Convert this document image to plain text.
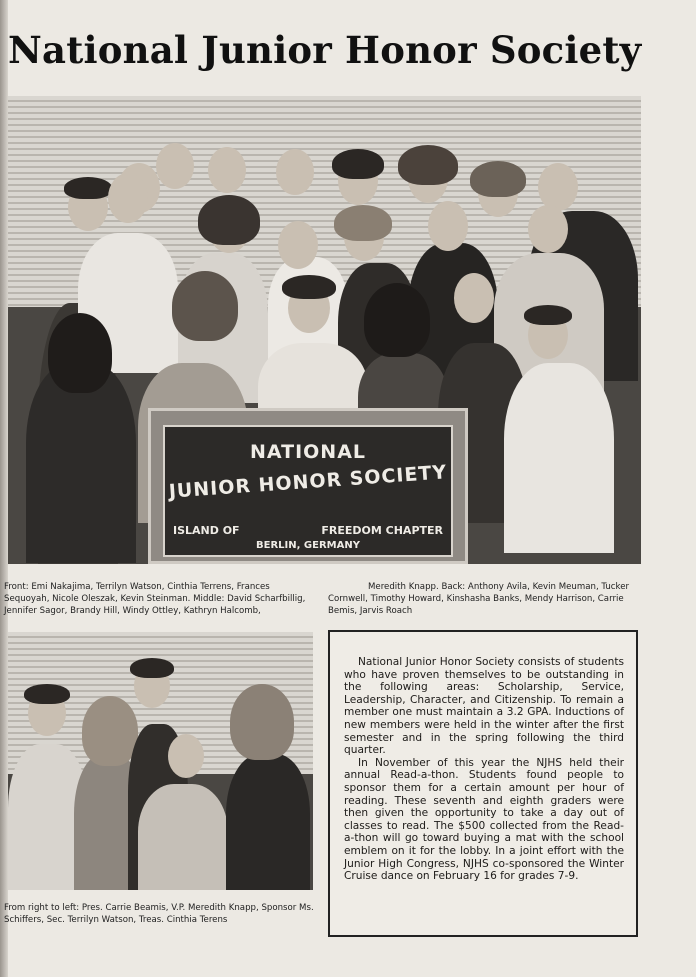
National Junior Honor Society
NATIONAL
JUNIOR HONOR SOCIETY
ISLAND OF	FREEDOM CHAPTER
BERLIN, GERMANY
Front: Emi Nakajima, Terrilyn Watson, Cinthia Terrens, Frances Sequoyah, Nicole Oleszak, Kevin Steinman. Middle: David Scharfbillig, Jennifer Sagor, Brandy Hill, Windy Ottley, Kathryn Halcomb,
Meredith Knapp. Back: Anthony Avila, Kevin Meuman, Tucker Cornwell, Timothy Howard, Kinshasha Banks, Mendy Harrison, Carrie Bemis, Jarvis Roach
From right to left: Pres. Carrie Beamis, V.P. Meredith Knapp, Sponsor Ms. Schiffers, Sec. Terrilyn Watson, Treas. Cinthia Terens

National Junior Honor Society consists of students who have proven themselves to be outstanding in the following areas: Scholarship, Service, Leadership, Character, and Citizenship. To remain a member one must maintain a 3.2 GPA. Inductions of new members were held in the winter after the first semester and in the spring following the third quarter.
In November of this year the NJHS held their annual Read-a-thon. Students found people to sponsor them for a certain amount per hour of reading. These seventh and eighth graders were then given the opportunity to take a day out of classes to read. The $500 collected from the Read-a-thon will go toward buying a mat with the school emblem on it for the lobby. In a joint effort with the Junior High Congress, NJHS co-sponsored the Winter Cruise dance on February 16 for grades 7-9.
